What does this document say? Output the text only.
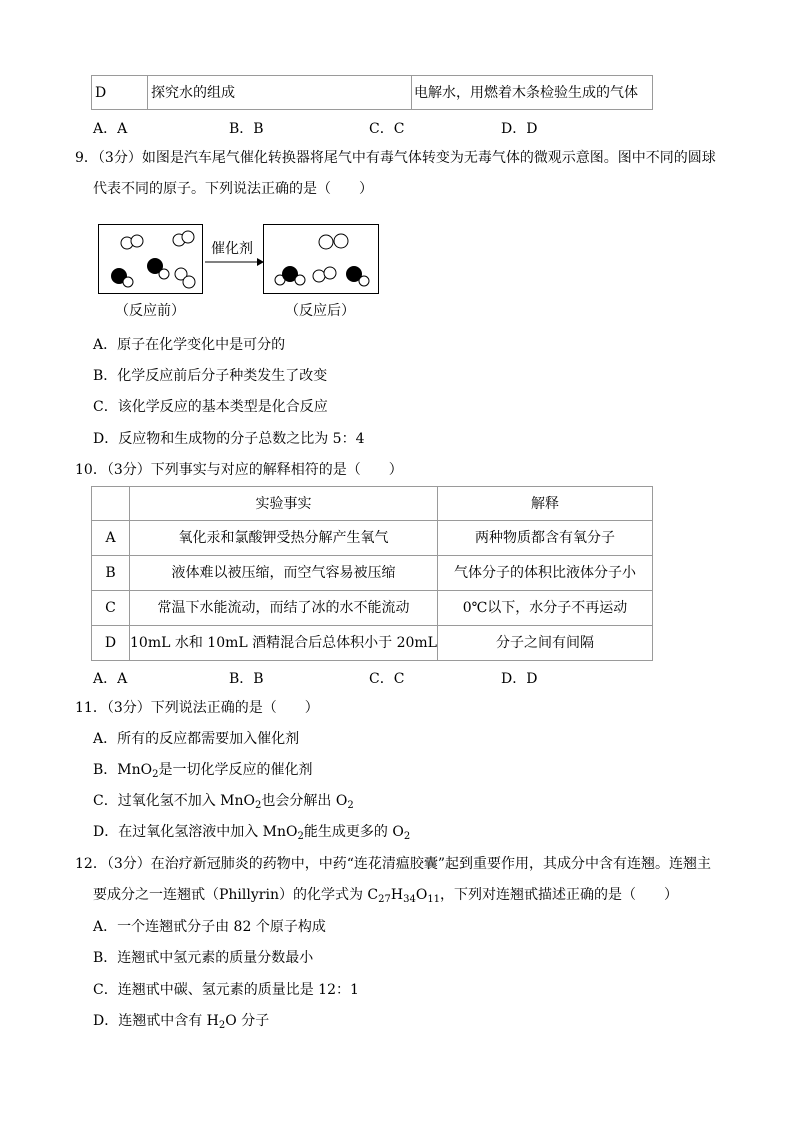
D	探究水的组成	电解水，用燃着木条检验生成的气体
A．A	B．B	C．C	D．D
9．（3分）如图是汽车尾气催化转换器将尾气中有毒气体转变为无毒气体的微观示意图。图中不同的圆球
代表不同的原子。下列说法正确的是（　　）
催化剂
（反应前）	（反应后）
A．原子在化学变化中是可分的
B．化学反应前后分子种类发生了改变
C．该化学反应的基本类型是化合反应
D．反应物和生成物的分子总数之比为 5：4
10．（3分）下列事实与对应的解释相符的是（　　）
	实验事实	解释
A	氧化汞和氯酸钾受热分解产生氧气	两种物质都含有氧分子
B	液体难以被压缩，而空气容易被压缩	气体分子的体积比液体分子小
C	常温下水能流动，而结了冰的水不能流动	0℃以下，水分子不再运动
D	10mL 水和 10mL 酒精混合后总体积小于 20mL	分子之间有间隔
A．A	B．B	C．C	D．D
11．（3分）下列说法正确的是（　　）
A．所有的反应都需要加入催化剂
B．MnO$_2$是一切化学反应的催化剂
C．过氧化氢不加入 MnO$_2$也会分解出 $O_2$
D．在过氧化氢溶液中加入 MnO$_2$能生成更多的 $O_2$
12．（3分）在治疗新冠肺炎的药物中，中药“连花清瘟胶囊”起到重要作用，其成分中含有连翘。连翘主
要成分之一连翘甙（Phillyrin）的化学式为 $C_{27}H_{34}O_{11}$，下列对连翘甙描述正确的是（　　）
A．一个连翘甙分子由 82 个原子构成
B．连翘甙中氢元素的质量分数最小
C．连翘甙中碳、氢元素的质量比是 12：1
D．连翘甙中含有 $H_2O$ 分子
